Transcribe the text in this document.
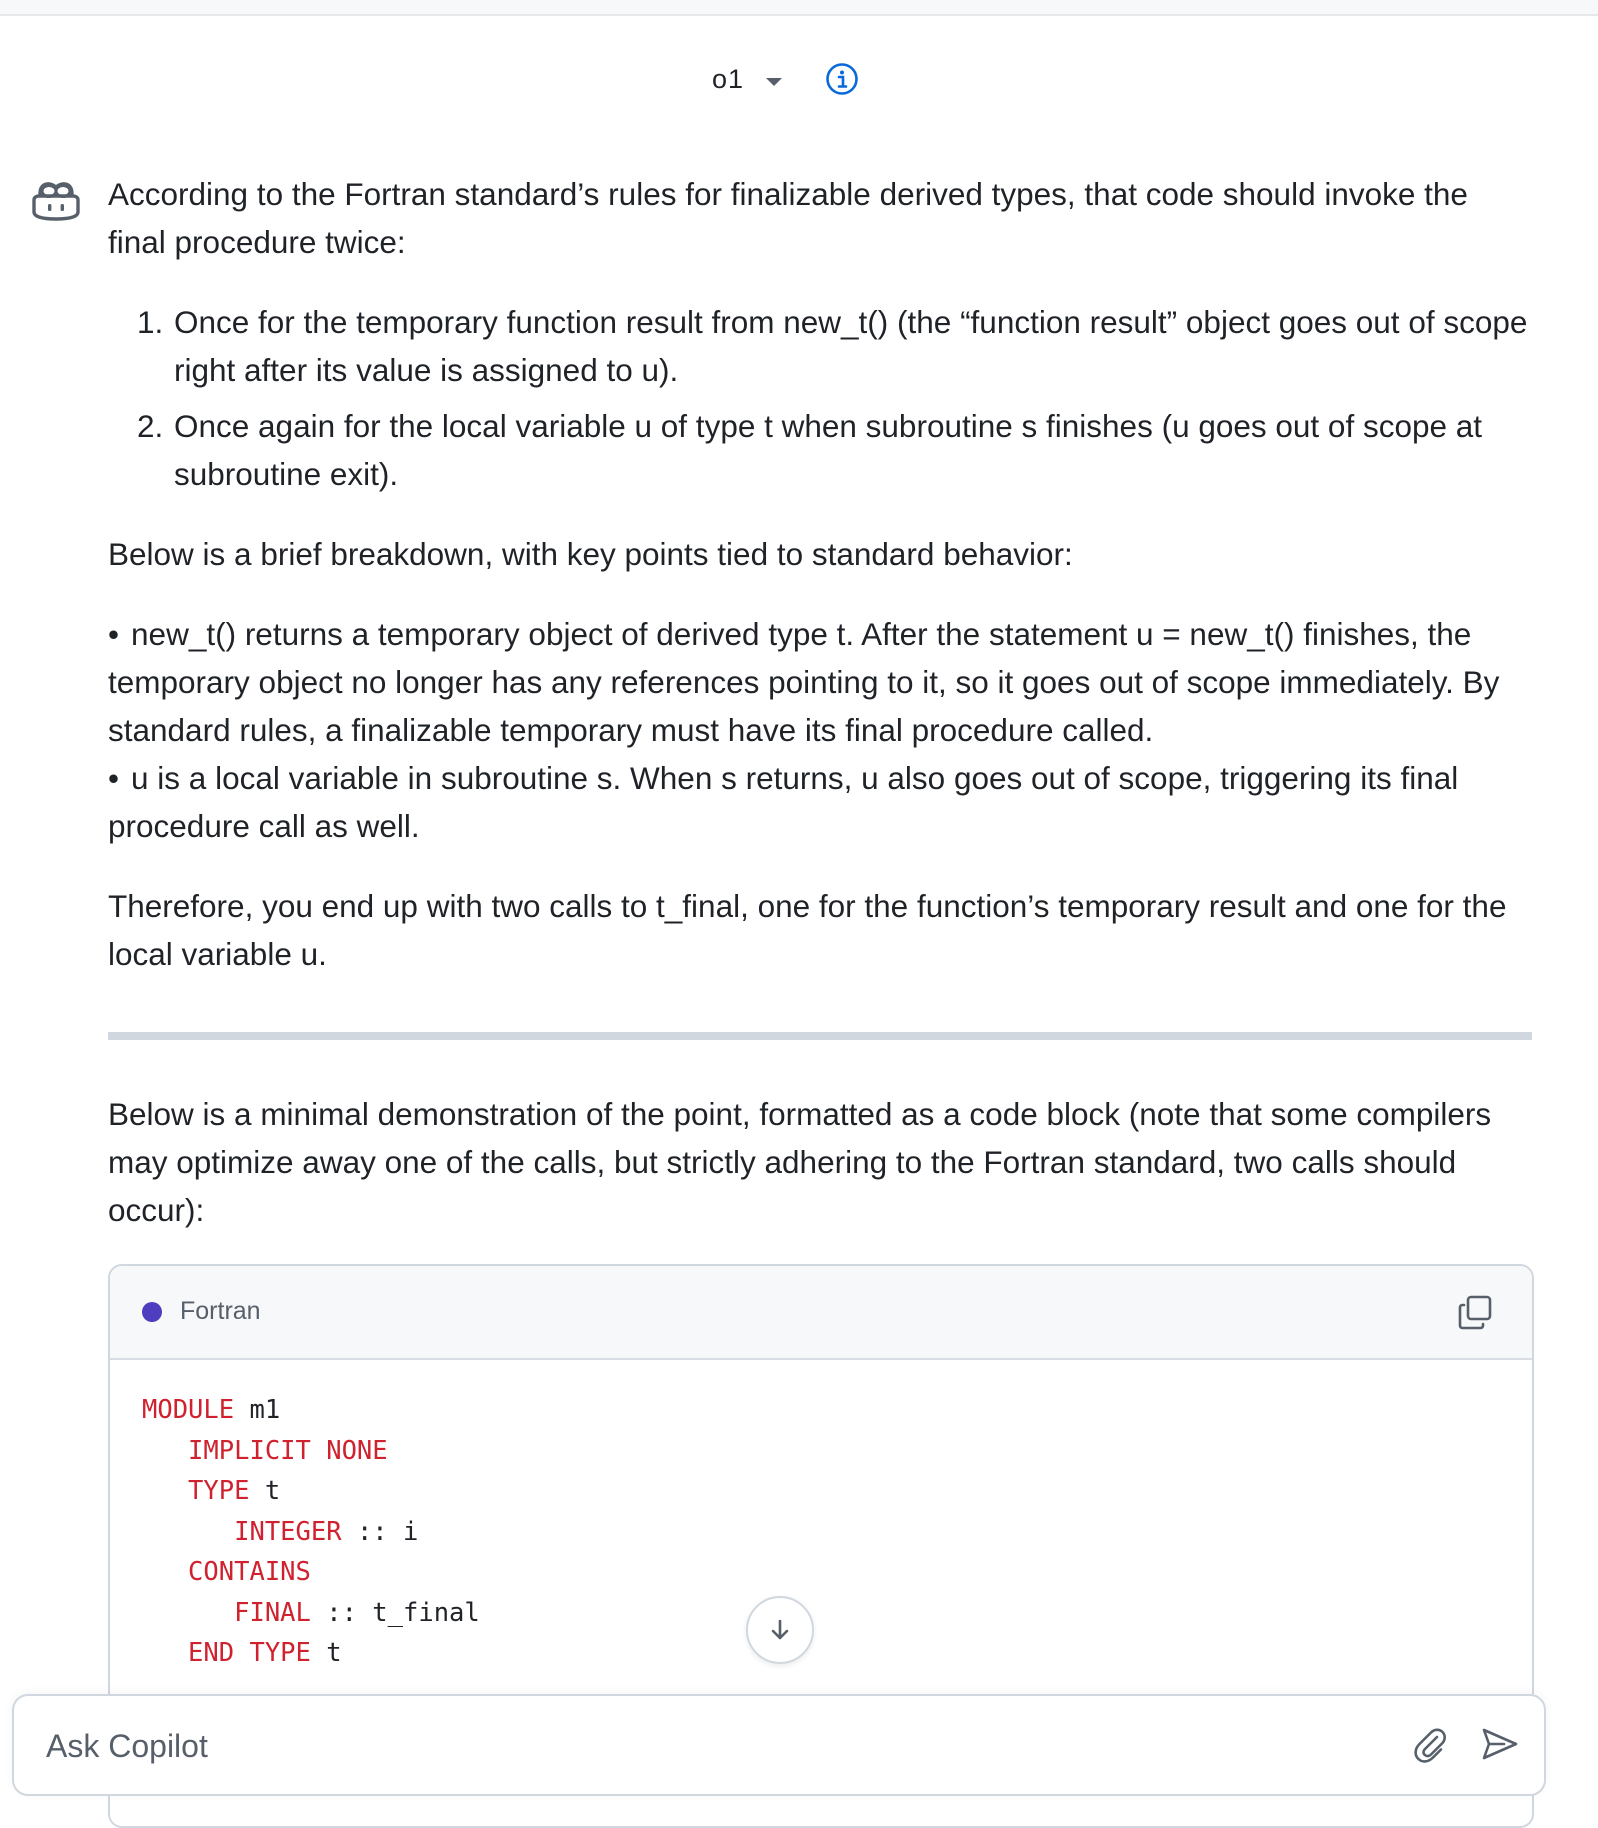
o1

According to the Fortran standard’s rules for finalizable derived types, that code should invoke the final procedure twice:

1. Once for the temporary function result from new_t() (the “function result” object goes out of scope right after its value is assigned to u).
2. Once again for the local variable u of type t when subroutine s finishes (u goes out of scope at subroutine exit).

Below is a brief breakdown, with key points tied to standard behavior:

• new_t() returns a temporary object of derived type t. After the statement u = new_t() finishes, the temporary object no longer has any references pointing to it, so it goes out of scope immediately. By standard rules, a finalizable temporary must have its final procedure called.
• u is a local variable in subroutine s. When s returns, u also goes out of scope, triggering its final procedure call as well.

Therefore, you end up with two calls to t_final, one for the function’s temporary result and one for the local variable u.

Below is a minimal demonstration of the point, formatted as a code block (note that some compilers may optimize away one of the calls, but strictly adhering to the Fortran standard, two calls should occur):
Fortran
MODULE m1
IMPLICIT NONE
TYPE t
INTEGER :: i
CONTAINS
FINAL :: t_final
END TYPE t
Ask Copilot
